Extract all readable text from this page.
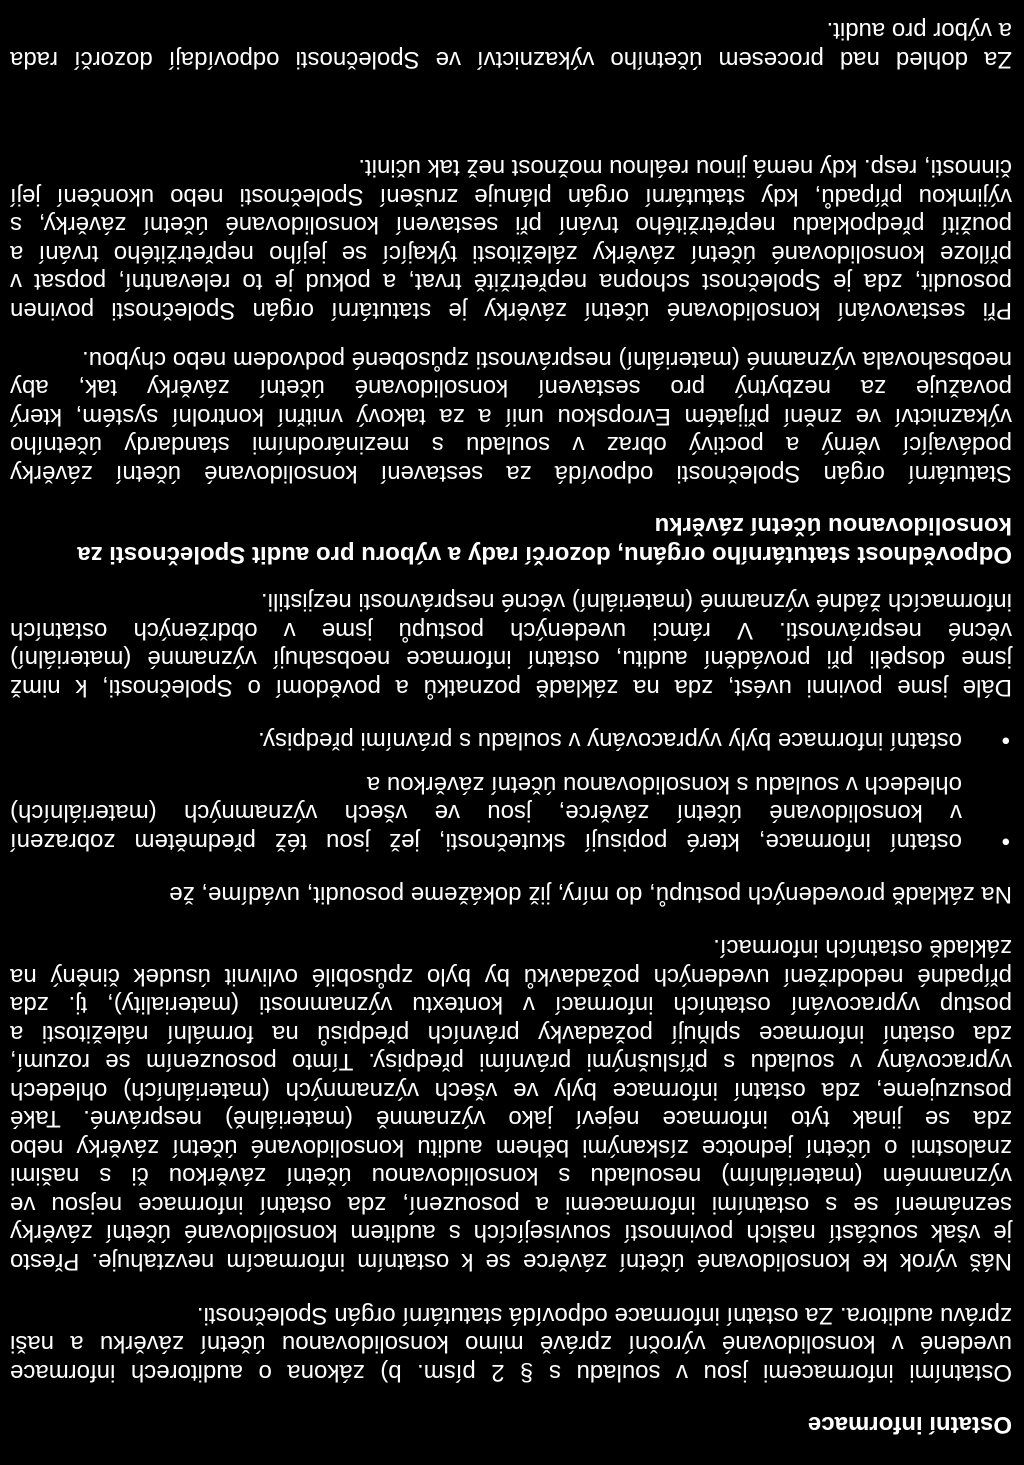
Ostatní informace
Ostatními informacemi jsou v souladu s § 2 písm. b) zákona o auditorech informace
uvedené v konsolidované výroční zprávě mimo konsolidovanou účetní závěrku a naši
zprávu auditora. Za ostatní informace odpovídá statutární orgán Společnosti.
Náš výrok ke konsolidované účetní závěrce se k ostatním informacím nevztahuje. Přesto
je však součástí našich povinností souvisejících s auditem konsolidované účetní závěrky
seznámení se s ostatními informacemi a posouzení, zda ostatní informace nejsou ve
významném (materiálním) nesouladu s konsolidovanou účetní závěrkou či s našimi
znalostmi o účetní jednotce získanými během auditu konsolidované účetní závěrky nebo
zda se jinak tyto informace nejeví jako významně (materiálně) nesprávné. Také
posuzujeme, zda ostatní informace byly ve všech významných (materiálních) ohledech
vypracovány v souladu s příslušnými právními předpisy. Tímto posouzením se rozumí,
zda ostatní informace splňují požadavky právních předpisů na formální náležitosti a
postup vypracování ostatních informací v kontextu významnosti (materiality), tj. zda
případné nedodržení uvedených požadavků by bylo způsobilé ovlivnit úsudek činěný na
základě ostatních informací.
Na základě provedených postupů, do míry, již dokážeme posoudit, uvádíme, že
•
ostatní informace, které popisují skutečnosti, jež jsou též předmětem zobrazení
v konsolidované účetní závěrce, jsou ve všech významných (materiálních)
ohledech v souladu s konsolidovanou účetní závěrkou a
•
ostatní informace byly vypracovány v souladu s právními předpisy.
Dále jsme povinni uvést, zda na základě poznatků a povědomí o Společnosti, k nimž
jsme dospěli při provádění auditu, ostatní informace neobsahují významné (materiální)
věcné nesprávnosti. V rámci uvedených postupů jsme v obdržených ostatních
informacích žádné významné (materiální) věcné nesprávnosti nezjistili.
Odpovědnost statutárního orgánu, dozorčí rady a výboru pro audit Společnosti za
konsolidovanou účetní závěrku
Statutární orgán Společnosti odpovídá za sestavení konsolidované účetní závěrky
podávající věrný a poctivý obraz v souladu s mezinárodními standardy účetního
výkaznictví ve znění přijatém Evropskou unií a za takový vnitřní kontrolní systém, který
považuje za nezbytný pro sestavení konsolidované účetní závěrky tak, aby
neobsahovala významné (materiální) nesprávnosti způsobené podvodem nebo chybou.
Při sestavování konsolidované účetní závěrky je statutární orgán Společnosti povinen
posoudit, zda je Společnost schopna nepřetržitě trvat, a pokud je to relevantní, popsat v
příloze konsolidované účetní závěrky záležitosti týkající se jejího nepřetržitého trvání a
použití předpokladu nepřetržitého trvání při sestavení konsolidované účetní závěrky, s
výjimkou případů, kdy statutární orgán plánuje zrušení Společnosti nebo ukončení její
činnosti, resp. kdy nemá jinou reálnou možnost než tak učinit.
Za dohled nad procesem účetního výkaznictví ve Společnosti odpovídají dozorčí rada
a výbor pro audit.
